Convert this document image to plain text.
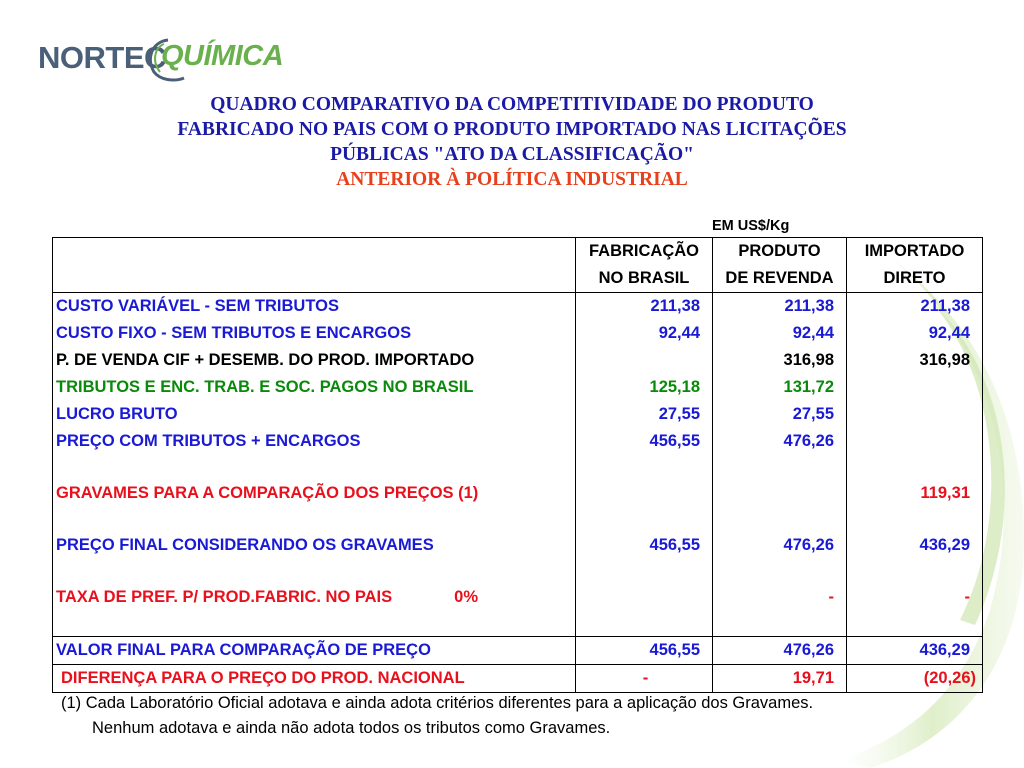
NORTEC
QUÍMICA
QUADRO COMPARATIVO DA COMPETITIVIDADE DO PRODUTO
FABRICADO NO PAIS COM O PRODUTO IMPORTADO NAS LICITAÇÕES
PÚBLICAS "ATO DA CLASSIFICAÇÃO"
ANTERIOR À POLÍTICA INDUSTRIAL
EM US$/Kg
	FABRICAÇÃO	PRODUTO	IMPORTADO
	NO BRASIL	DE REVENDA	DIRETO
CUSTO VARIÁVEL - SEM TRIBUTOS	211,38	211,38	211,38
CUSTO FIXO - SEM TRIBUTOS E ENCARGOS	92,44	92,44	92,44
P. DE VENDA CIF + DESEMB. DO PROD. IMPORTADO		316,98	316,98
TRIBUTOS E ENC. TRAB. E SOC. PAGOS NO BRASIL	125,18	131,72	
LUCRO BRUTO	27,55	27,55	
PREÇO COM TRIBUTOS + ENCARGOS	456,55	476,26	

GRAVAMES PARA A COMPARAÇÃO DOS PREÇOS (1)			119,31

PREÇO FINAL CONSIDERANDO OS GRAVAMES	456,55	476,26	436,29

TAXA DE PREF. P/ PROD.FABRIC. NO PAIS 0%		-	-

VALOR FINAL PARA COMPARAÇÃO DE PREÇO	456,55	476,26	436,29
DIFERENÇA PARA O PREÇO DO PROD. NACIONAL	-	19,71	(20,26)
(1) Cada Laboratório Oficial adotava e ainda adota critérios diferentes para a aplicação dos Gravames.
Nenhum adotava e ainda não adota todos os tributos como Gravames.
